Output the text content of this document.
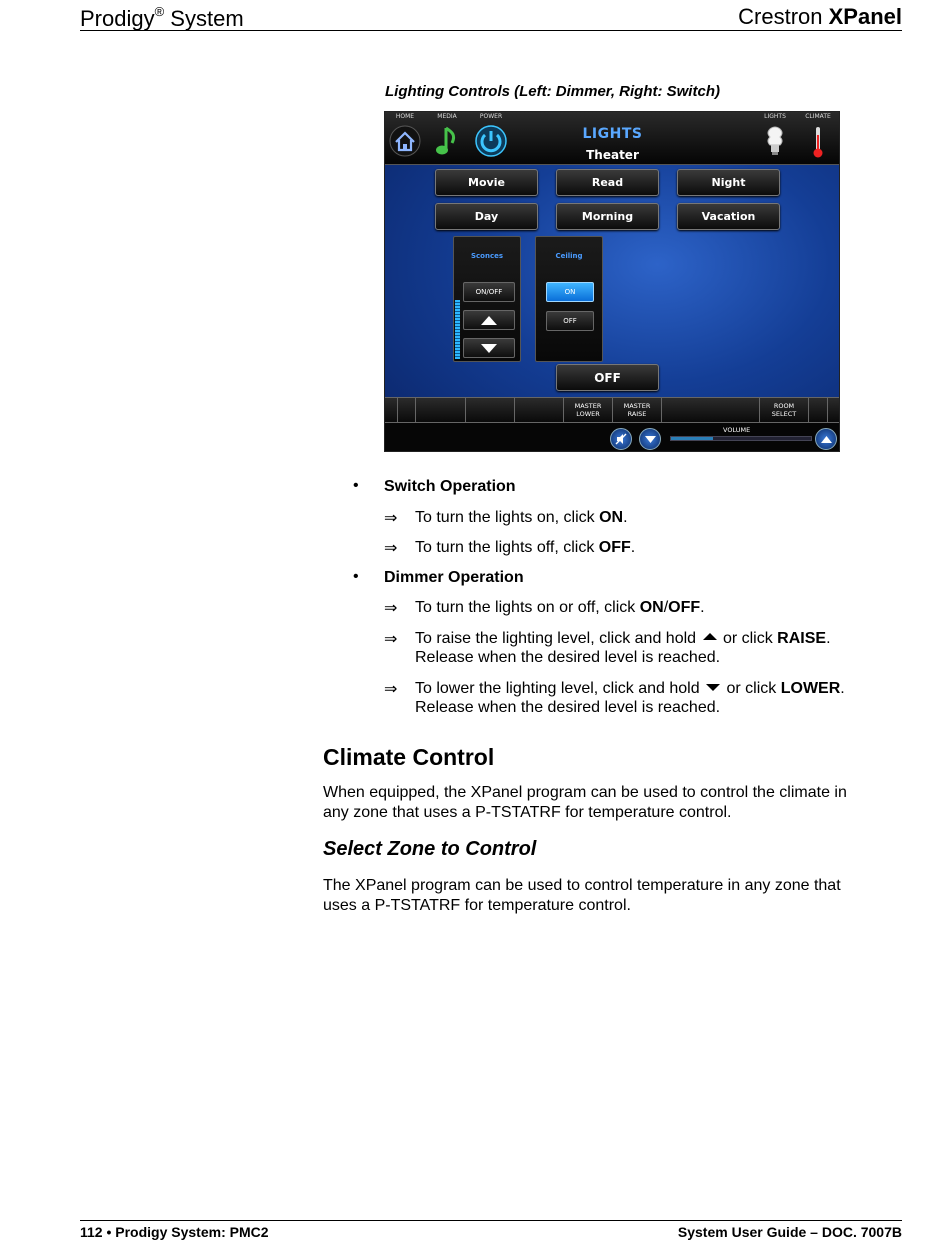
Prodigy® System	Crestron XPanel
Lighting Controls (Left: Dimmer, Right: Switch)
HOME	MEDIA	POWER
LIGHTS
Theater
LIGHTS	CLIMATE
Movie	Read	Night
Day	Morning	Vacation
Sconces
ON/OFF
Ceiling
ON
OFF
OFF
MASTER
LOWER
MASTER
RAISE
ROOM
SELECT
VOLUME
• Switch Operation
⇒ To turn the lights on, click ON.
⇒ To turn the lights off, click OFF.
• Dimmer Operation
⇒ To turn the lights on or off, click ON/OFF.
⇒ To raise the lighting level, click and hold  or click RAISE.
Release when the desired level is reached.
⇒ To lower the lighting level, click and hold  or click LOWER.
Release when the desired level is reached.
Climate Control
When equipped, the XPanel program can be used to control the climate in
any zone that uses a P-TSTATRF for temperature control.
Select Zone to Control
The XPanel program can be used to control temperature in any zone that
uses a P-TSTATRF for temperature control.
112 • Prodigy System: PMC2	System User Guide – DOC. 7007B
